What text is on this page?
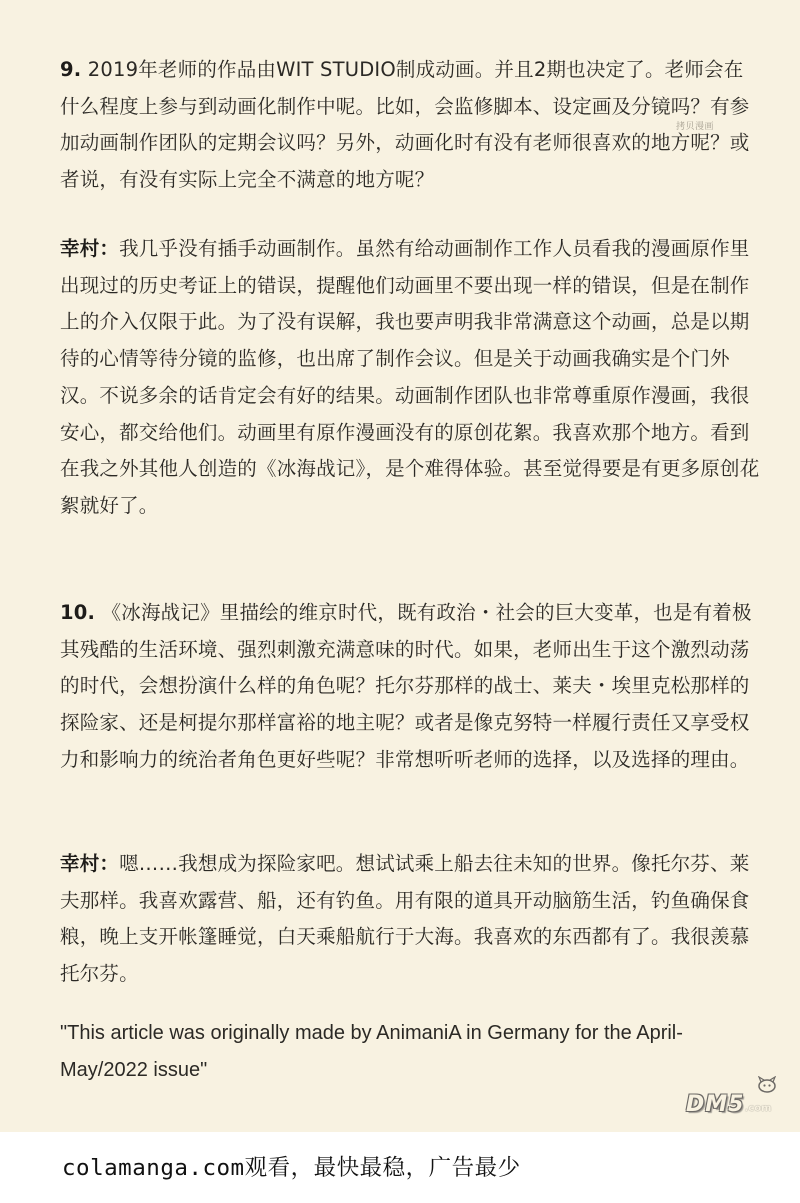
9. 2019年老师的作品由WIT STUDIO制成动画。并且2期也决定了。老师会在什么程度上参与到动画化制作中呢。比如，会监修脚本、设定画及分镜吗？有参加动画制作团队的定期会议吗？另外，动画化时有没有老师很喜欢的地方呢？或者说，有没有实际上完全不满意的地方呢？

拷贝漫画

幸村：我几乎没有插手动画制作。虽然有给动画制作工作人员看我的漫画原作里出现过的历史考证上的错误，提醒他们动画里不要出现一样的错误，但是在制作上的介入仅限于此。为了没有误解，我也要声明我非常满意这个动画，总是以期待的心情等待分镜的监修，也出席了制作会议。但是关于动画我确实是个门外汉。不说多余的话肯定会有好的结果。动画制作团队也非常尊重原作漫画，我很安心，都交给他们。动画里有原作漫画没有的原创花絮。我喜欢那个地方。看到在我之外其他人创造的《冰海战记》，是个难得体验。甚至觉得要是有更多原创花絮就好了。

10. 《冰海战记》里描绘的维京时代，既有政治・社会的巨大变革，也是有着极其残酷的生活环境、强烈刺激充满意味的时代。如果，老师出生于这个激烈动荡的时代，会想扮演什么样的角色呢？托尔芬那样的战士、莱夫・埃里克松那样的探险家、还是柯提尔那样富裕的地主呢？或者是像克努特一样履行责任又享受权力和影响力的统治者角色更好些呢？非常想听听老师的选择，以及选择的理由。

幸村：嗯……我想成为探险家吧。想试试乘上船去往未知的世界。像托尔芬、莱夫那样。我喜欢露营、船，还有钓鱼。用有限的道具开动脑筋生活，钓鱼确保食粮，晚上支开帐篷睡觉，白天乘船航行于大海。我喜欢的东西都有了。我很羡慕托尔芬。

"This article was originally made by AnimaniA in Germany for the April-May/2022 issue"

DM5.com
colamanga.com观看，最快最稳，广告最少
